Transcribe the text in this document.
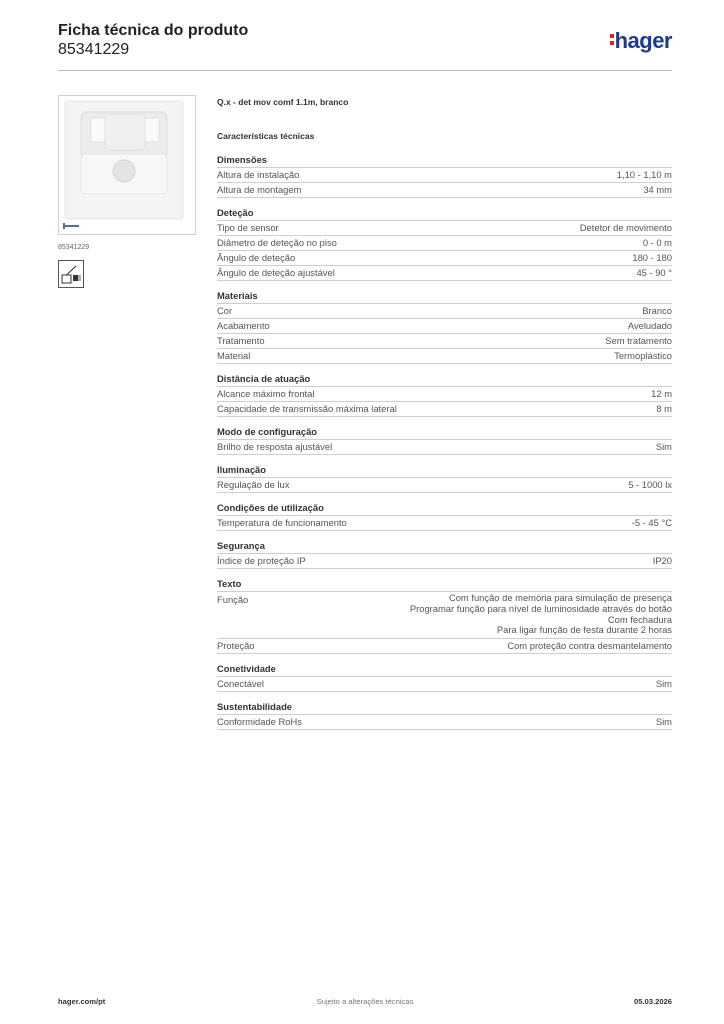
Ficha técnica do produto
85341229	hager
85341229
Q.x - det mov comf 1.1m, branco
Características técnicas
Dimensões
Altura de instalação	1,10 - 1,10 m
Altura de montagem	34 mm
Deteção
Tipo de sensor	Detetor de movimento
Diâmetro de deteção no piso	0 - 0 m
Ângulo de deteção	180 - 180
Ângulo de deteção ajustável	45 - 90 °
Materiais
Cor	Branco
Acabamento	Aveludado
Tratamento	Sem tratamento
Material	Termoplástico
Distância de atuação
Alcance máximo frontal	12 m
Capacidade de transmissão máxima lateral	8 m
Modo de configuração
Brilho de resposta ajustável	Sim
Iluminação
Regulação de lux	5 - 1000 lx
Condições de utilização
Temperatura de funcionamento	-5 - 45 °C
Segurança
Índice de proteção IP	IP20
Texto
Função	Com função de memória para simulação de presença
Programar função para nível de luminosidade através do botão
Com fechadura
Para ligar função de festa durante 2 horas
Proteção	Com proteção contra desmantelamento
Conetividade
Conectável	Sim
Sustentabilidade
Conformidade RoHs	Sim
hager.com/pt	Sujeito a alterações técnicas	05.03.2026
